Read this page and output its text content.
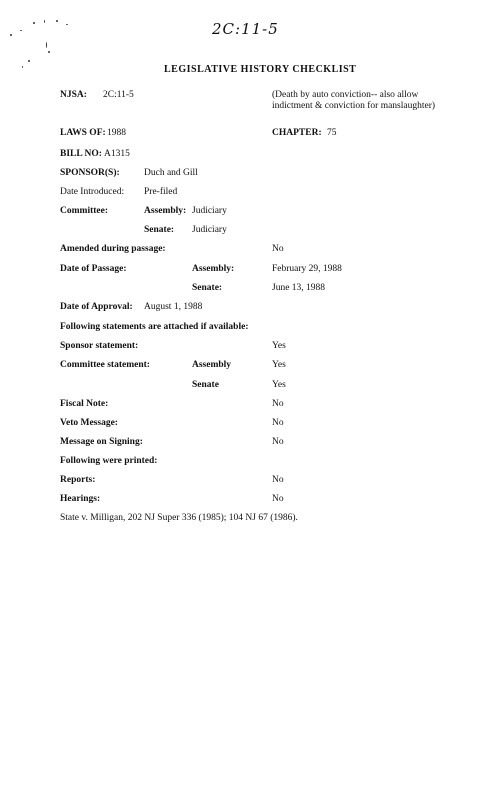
2C:11-5
LEGISLATIVE HISTORY CHECKLIST
NJSA: 2C:11-5	(Death by auto conviction-- also allow indictment & conviction for manslaughter)
LAWS OF: 1988	CHAPTER: 75
BILL NO: A1315
SPONSOR(S):	Duch and Gill
Date Introduced: Pre-filed
Committee:	Assembly: Judiciary
Senate: Judiciary
Amended during passage:	No
Date of Passage:	Assembly:	February 29, 1988
Senate:	June 13, 1988
Date of Approval: August 1, 1988
Following statements are attached if available:
Sponsor statement:	Yes
Committee statement:	Assembly	Yes
Senate	Yes
Fiscal Note:	No
Veto Message:	No
Message on Signing:	No
Following were printed:
Reports:	No
Hearings:	No
State v. Milligan, 202 NJ Super 336 (1985); 104 NJ 67 (1986).
